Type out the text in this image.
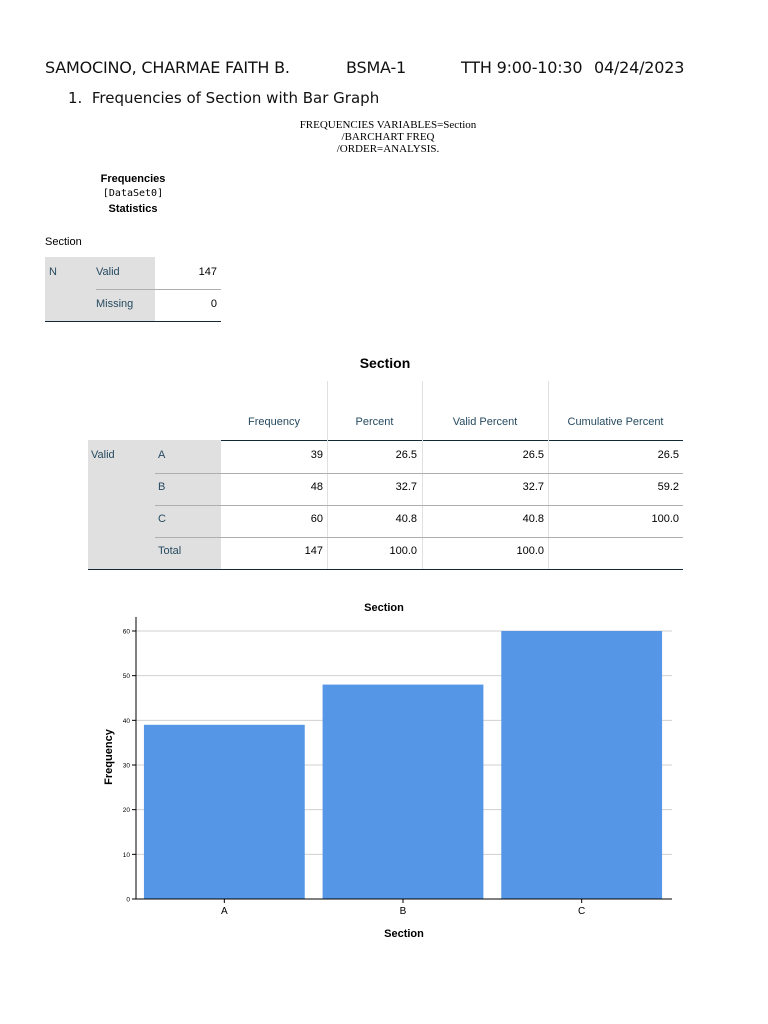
SAMOCINO, CHARMAE FAITH B.	BSMA-1	TTH 9:00-10:30 04/24/2023
1. Frequencies of Section with Bar Graph
FREQUENCIES VARIABLES=Section
/BARCHART FREQ
/ORDER=ANALYSIS.
Frequencies
[DataSet0]
Statistics
Section
N	Valid	147
Missing	0
Section
Frequency	Percent	Valid Percent	Cumulative Percent
Valid	A	39	26.5	26.5	26.5
B	48	32.7	32.7	59.2
C	60	40.8	40.8	100.0
Total	147	100.0	100.0
Section
0
10
20
30
40
50
60
A	B	C
Section
Frequency
